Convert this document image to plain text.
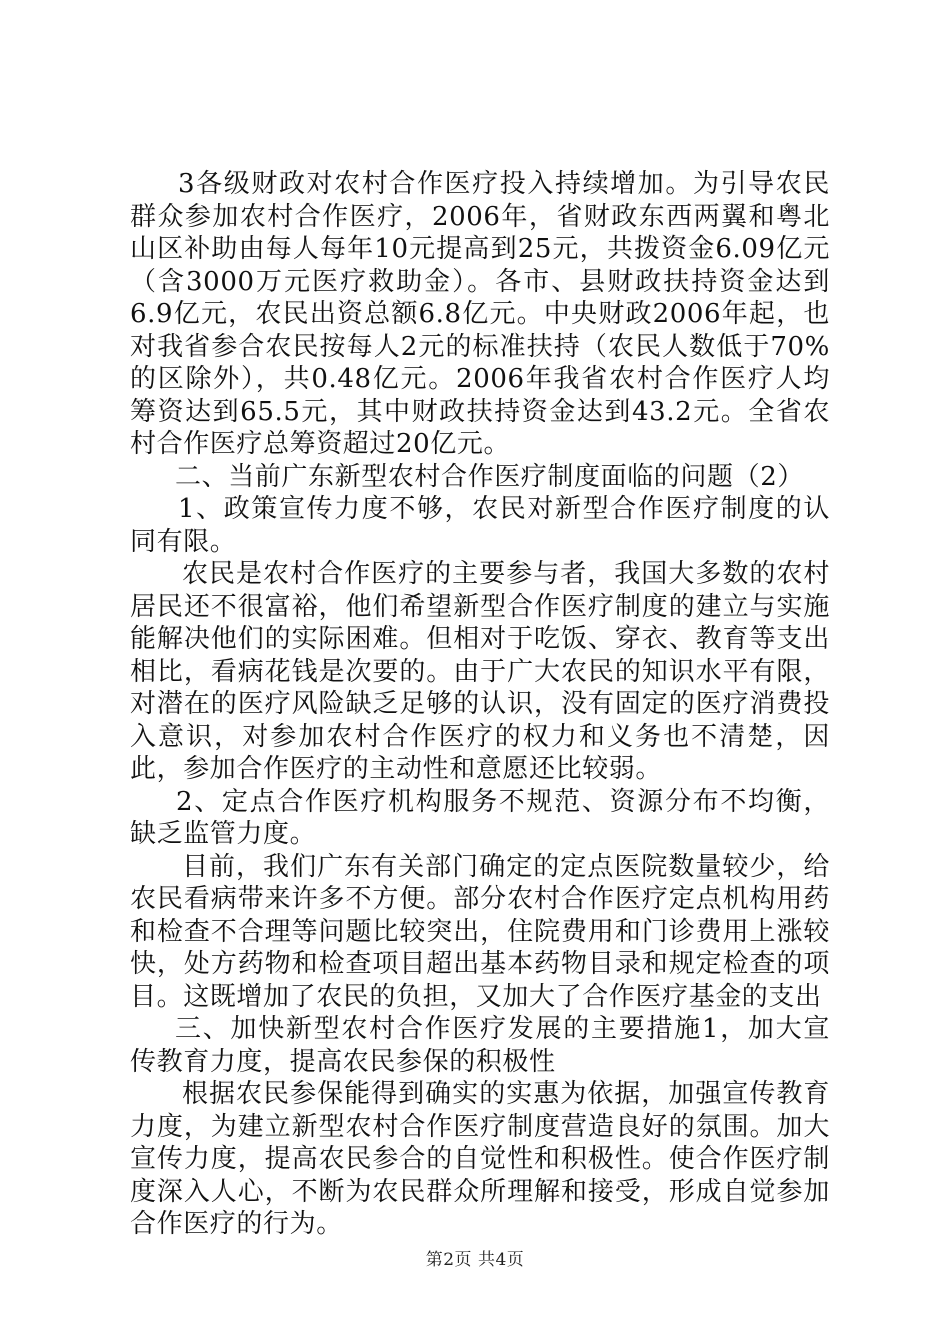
3各级财政对农村合作医疗投入持续增加。为引导农民群众参加农村合作医疗，2006年，省财政东西两翼和粤北山区补助由每人每年10元提高到25元，共拨资金6.09亿元（含3000万元医疗救助金）。各市、县财政扶持资金达到6.9亿元，农民出资总额6.8亿元。中央财政2006年起，也对我省参合农民按每人2元的标准扶持（农民人数低于70%的区除外），共0.48亿元。2006年我省农村合作医疗人均筹资达到65.5元，其中财政扶持资金达到43.2元。全省农村合作医疗总筹资超过20亿元。

二、当前广东新型农村合作医疗制度面临的问题（2）

1、政策宣传力度不够，农民对新型合作医疗制度的认同有限。

农民是农村合作医疗的主要参与者，我国大多数的农村居民还不很富裕，他们希望新型合作医疗制度的建立与实施能解决他们的实际困难。但相对于吃饭、穿衣、教育等支出相比，看病花钱是次要的。由于广大农民的知识水平有限，对潜在的医疗风险缺乏足够的认识，没有固定的医疗消费投入意识，对参加农村合作医疗的权力和义务也不清楚，因此，参加合作医疗的主动性和意愿还比较弱。

2、定点合作医疗机构服务不规范、资源分布不均衡，缺乏监管力度。

目前，我们广东有关部门确定的定点医院数量较少，给农民看病带来许多不方便。部分农村合作医疗定点机构用药和检查不合理等问题比较突出，住院费用和门诊费用上涨较快，处方药物和检查项目超出基本药物目录和规定检查的项目。这既增加了农民的负担，又加大了合作医疗基金的支出

三、加快新型农村合作医疗发展的主要措施1，加大宣传教育力度，提高农民参保的积极性

根据农民参保能得到确实的实惠为依据，加强宣传教育力度，为建立新型农村合作医疗制度营造良好的氛围。加大宣传力度，提高农民参合的自觉性和积极性。使合作医疗制度深入人心，不断为农民群众所理解和接受，形成自觉参加合作医疗的行为。

第2页 共4页
